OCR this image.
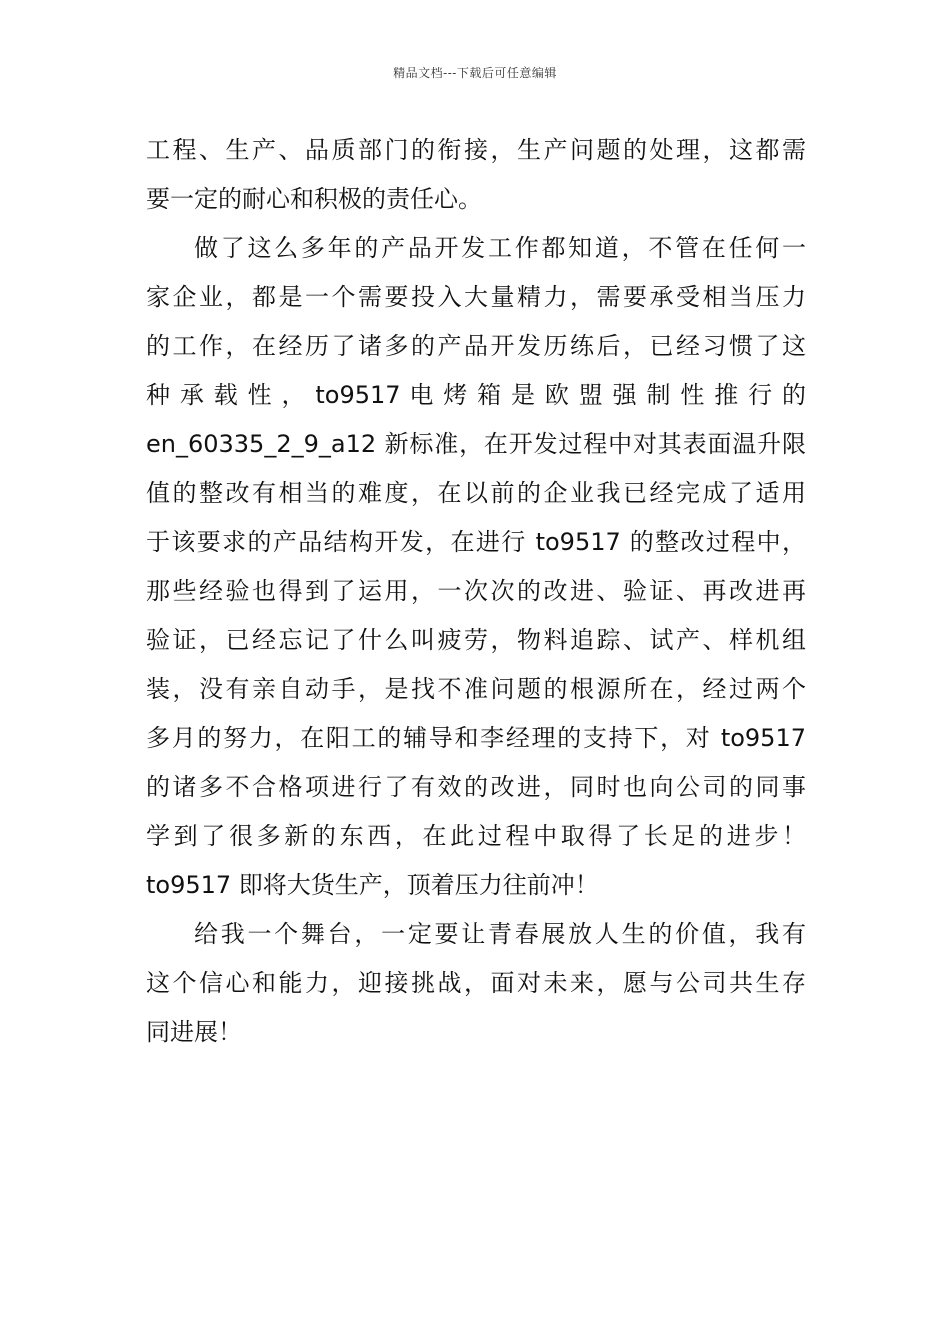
精品文档---下载后可任意编辑
工程、生产、品质部门的衔接，生产问题的处理，这都需
要一定的耐心和积极的责任心。
做了这么多年的产品开发工作都知道，不管在任何一
家企业，都是一个需要投入大量精力，需要承受相当压力
的工作，在经历了诸多的产品开发历练后，已经习惯了这
种 承 载 性 ， to9517 电 烤 箱 是 欧 盟 强 制 性 推 行 的
en_60335_2_9_a12 新标准，在开发过程中对其表面温升限
值的整改有相当的难度，在以前的企业我已经完成了适用
于该要求的产品结构开发，在进行 to9517 的整改过程中，
那些经验也得到了运用，一次次的改进、验证、再改进再
验证，已经忘记了什么叫疲劳，物料追踪、试产、样机组
装，没有亲自动手，是找不准问题的根源所在，经过两个
多月的努力，在阳工的辅导和李经理的支持下，对 to9517
的诸多不合格项进行了有效的改进，同时也向公司的同事
学到了很多新的东西，在此过程中取得了长足的进步！
to9517 即将大货生产，顶着压力往前冲！
给我一个舞台，一定要让青春展放人生的价值，我有
这个信心和能力，迎接挑战，面对未来，愿与公司共生存
同进展！
